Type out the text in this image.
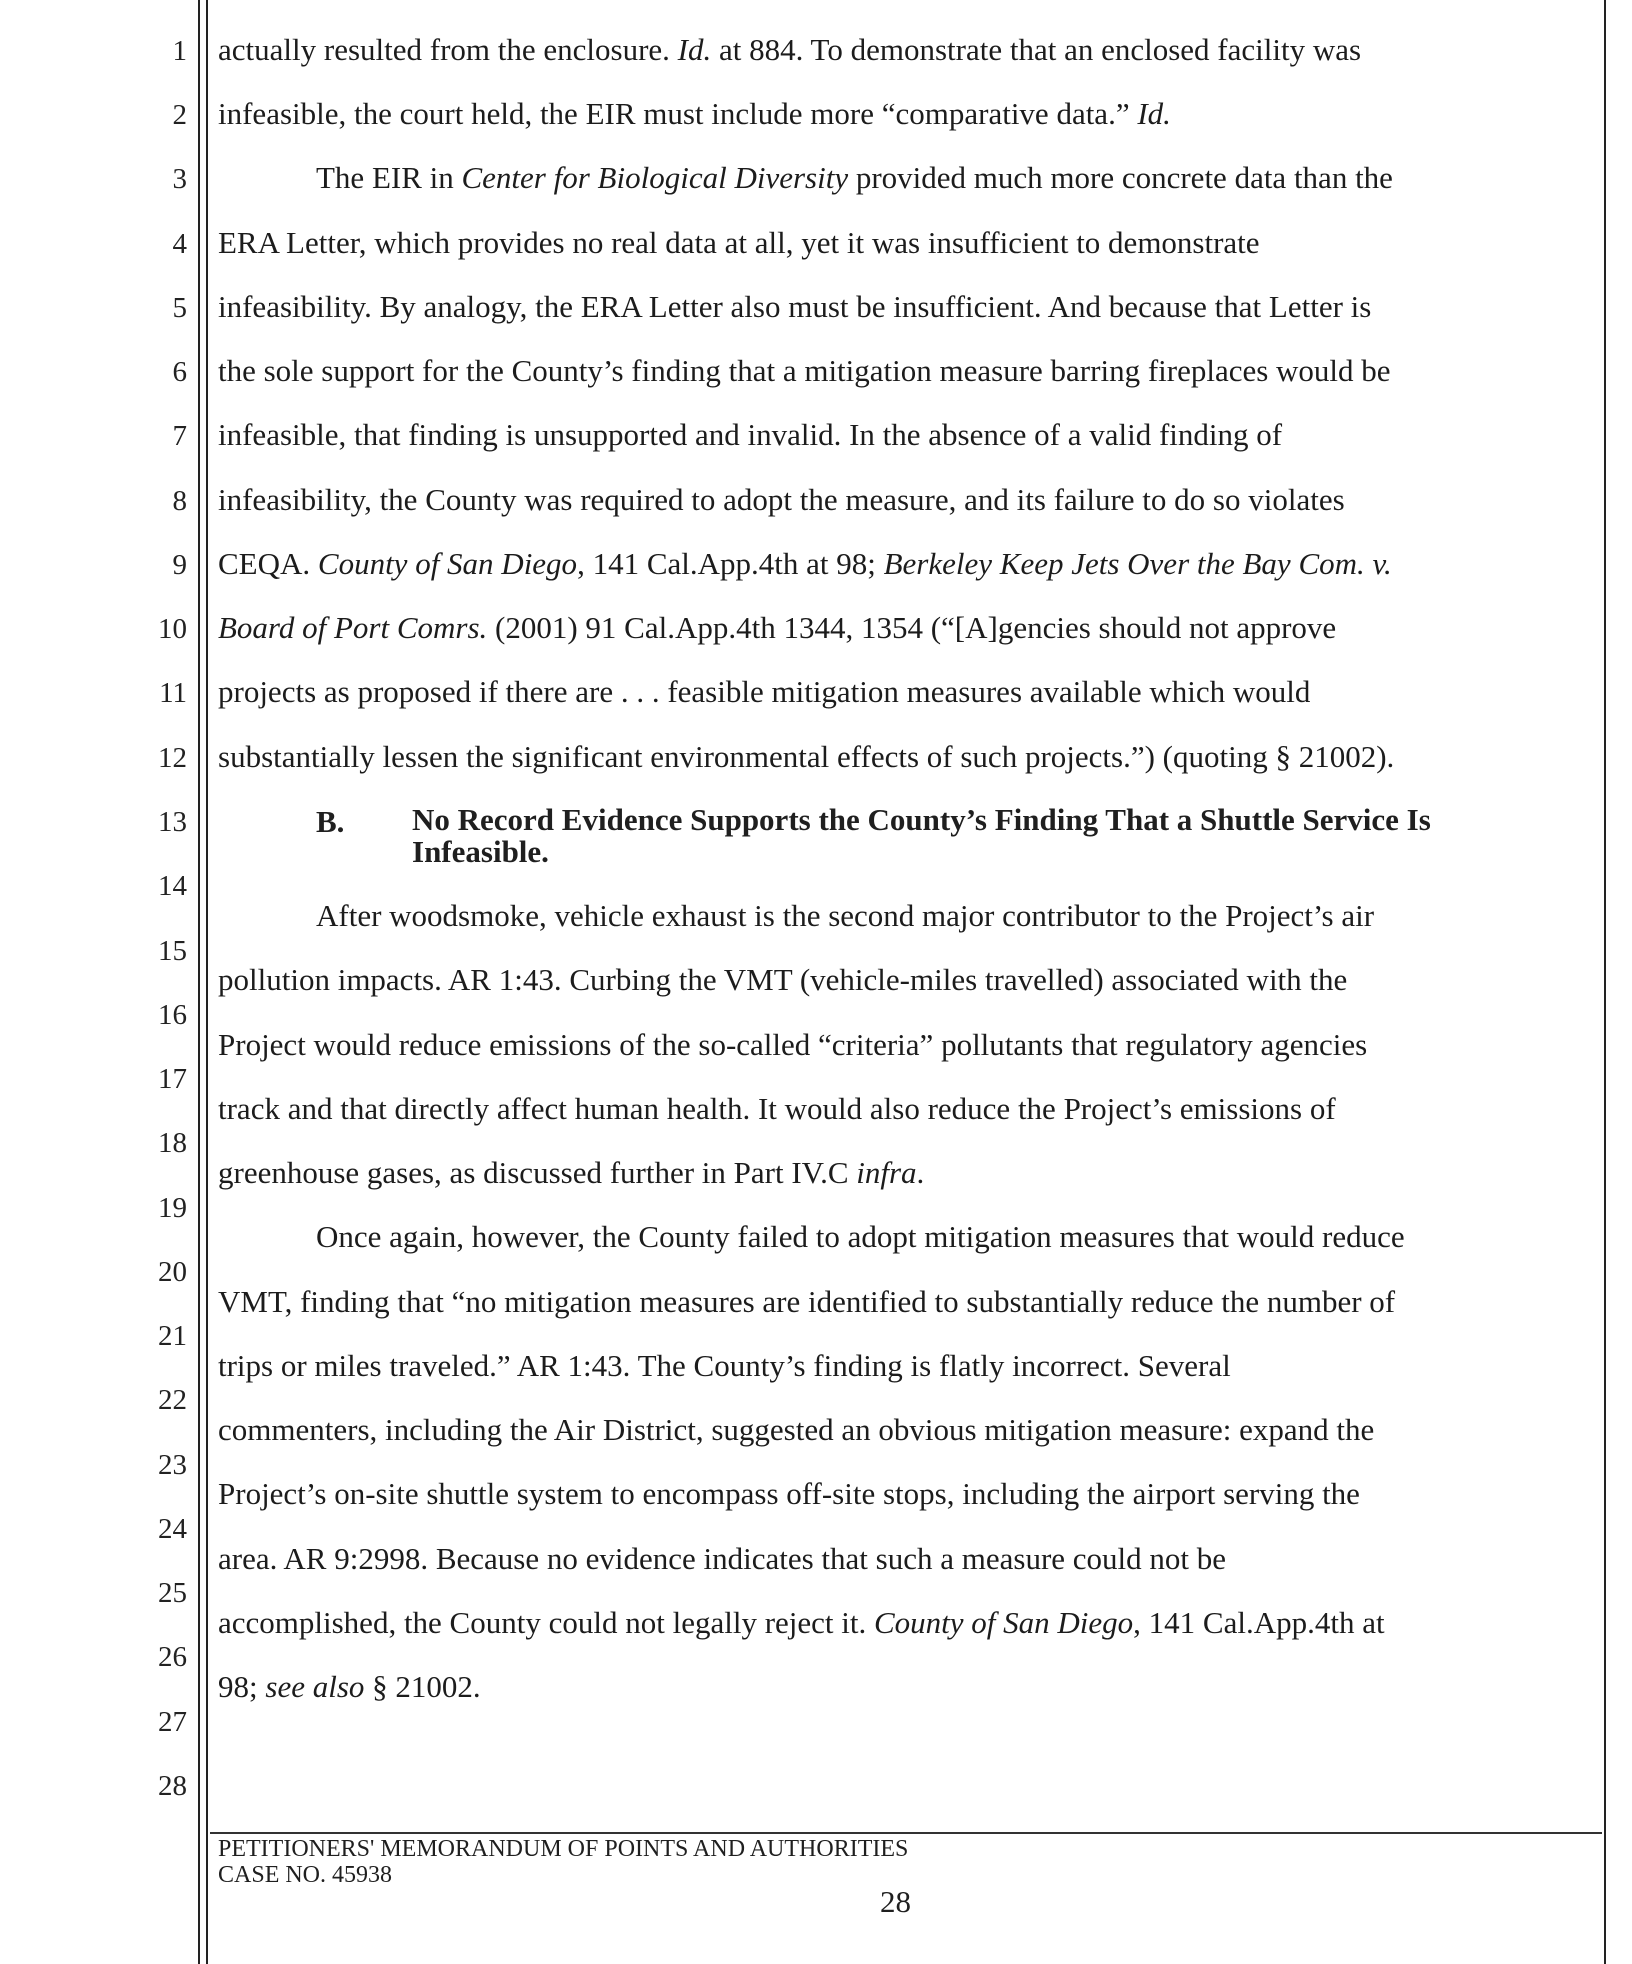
1
2
3
4
5
6
7
8
9
10
11
12
13
14
15
16
17
18
19
20
21
22
23
24
25
26
27
28
actually resulted from the enclosure. Id. at 884. To demonstrate that an enclosed facility was
infeasible, the court held, the EIR must include more “comparative data.” Id.
The EIR in Center for Biological Diversity provided much more concrete data than the
ERA Letter, which provides no real data at all, yet it was insufficient to demonstrate
infeasibility. By analogy, the ERA Letter also must be insufficient. And because that Letter is
the sole support for the County’s finding that a mitigation measure barring fireplaces would be
infeasible, that finding is unsupported and invalid. In the absence of a valid finding of
infeasibility, the County was required to adopt the measure, and its failure to do so violates
CEQA. County of San Diego, 141 Cal.App.4th at 98; Berkeley Keep Jets Over the Bay Com. v.
Board of Port Comrs. (2001) 91 Cal.App.4th 1344, 1354 (“[A]gencies should not approve
projects as proposed if there are . . . feasible mitigation measures available which would
substantially lessen the significant environmental effects of such projects.”) (quoting § 21002).
B. No Record Evidence Supports the County’s Finding That a Shuttle Service Is Infeasible.
After woodsmoke, vehicle exhaust is the second major contributor to the Project’s air
pollution impacts. AR 1:43. Curbing the VMT (vehicle-miles travelled) associated with the
Project would reduce emissions of the so-called “criteria” pollutants that regulatory agencies
track and that directly affect human health. It would also reduce the Project’s emissions of
greenhouse gases, as discussed further in Part IV.C infra.
Once again, however, the County failed to adopt mitigation measures that would reduce
VMT, finding that “no mitigation measures are identified to substantially reduce the number of
trips or miles traveled.” AR 1:43. The County’s finding is flatly incorrect. Several
commenters, including the Air District, suggested an obvious mitigation measure: expand the
Project’s on-site shuttle system to encompass off-site stops, including the airport serving the
area. AR 9:2998. Because no evidence indicates that such a measure could not be
accomplished, the County could not legally reject it. County of San Diego, 141 Cal.App.4th at
98; see also § 21002.
PETITIONERS' MEMORANDUM OF POINTS AND AUTHORITIES
CASE NO. 45938
28
